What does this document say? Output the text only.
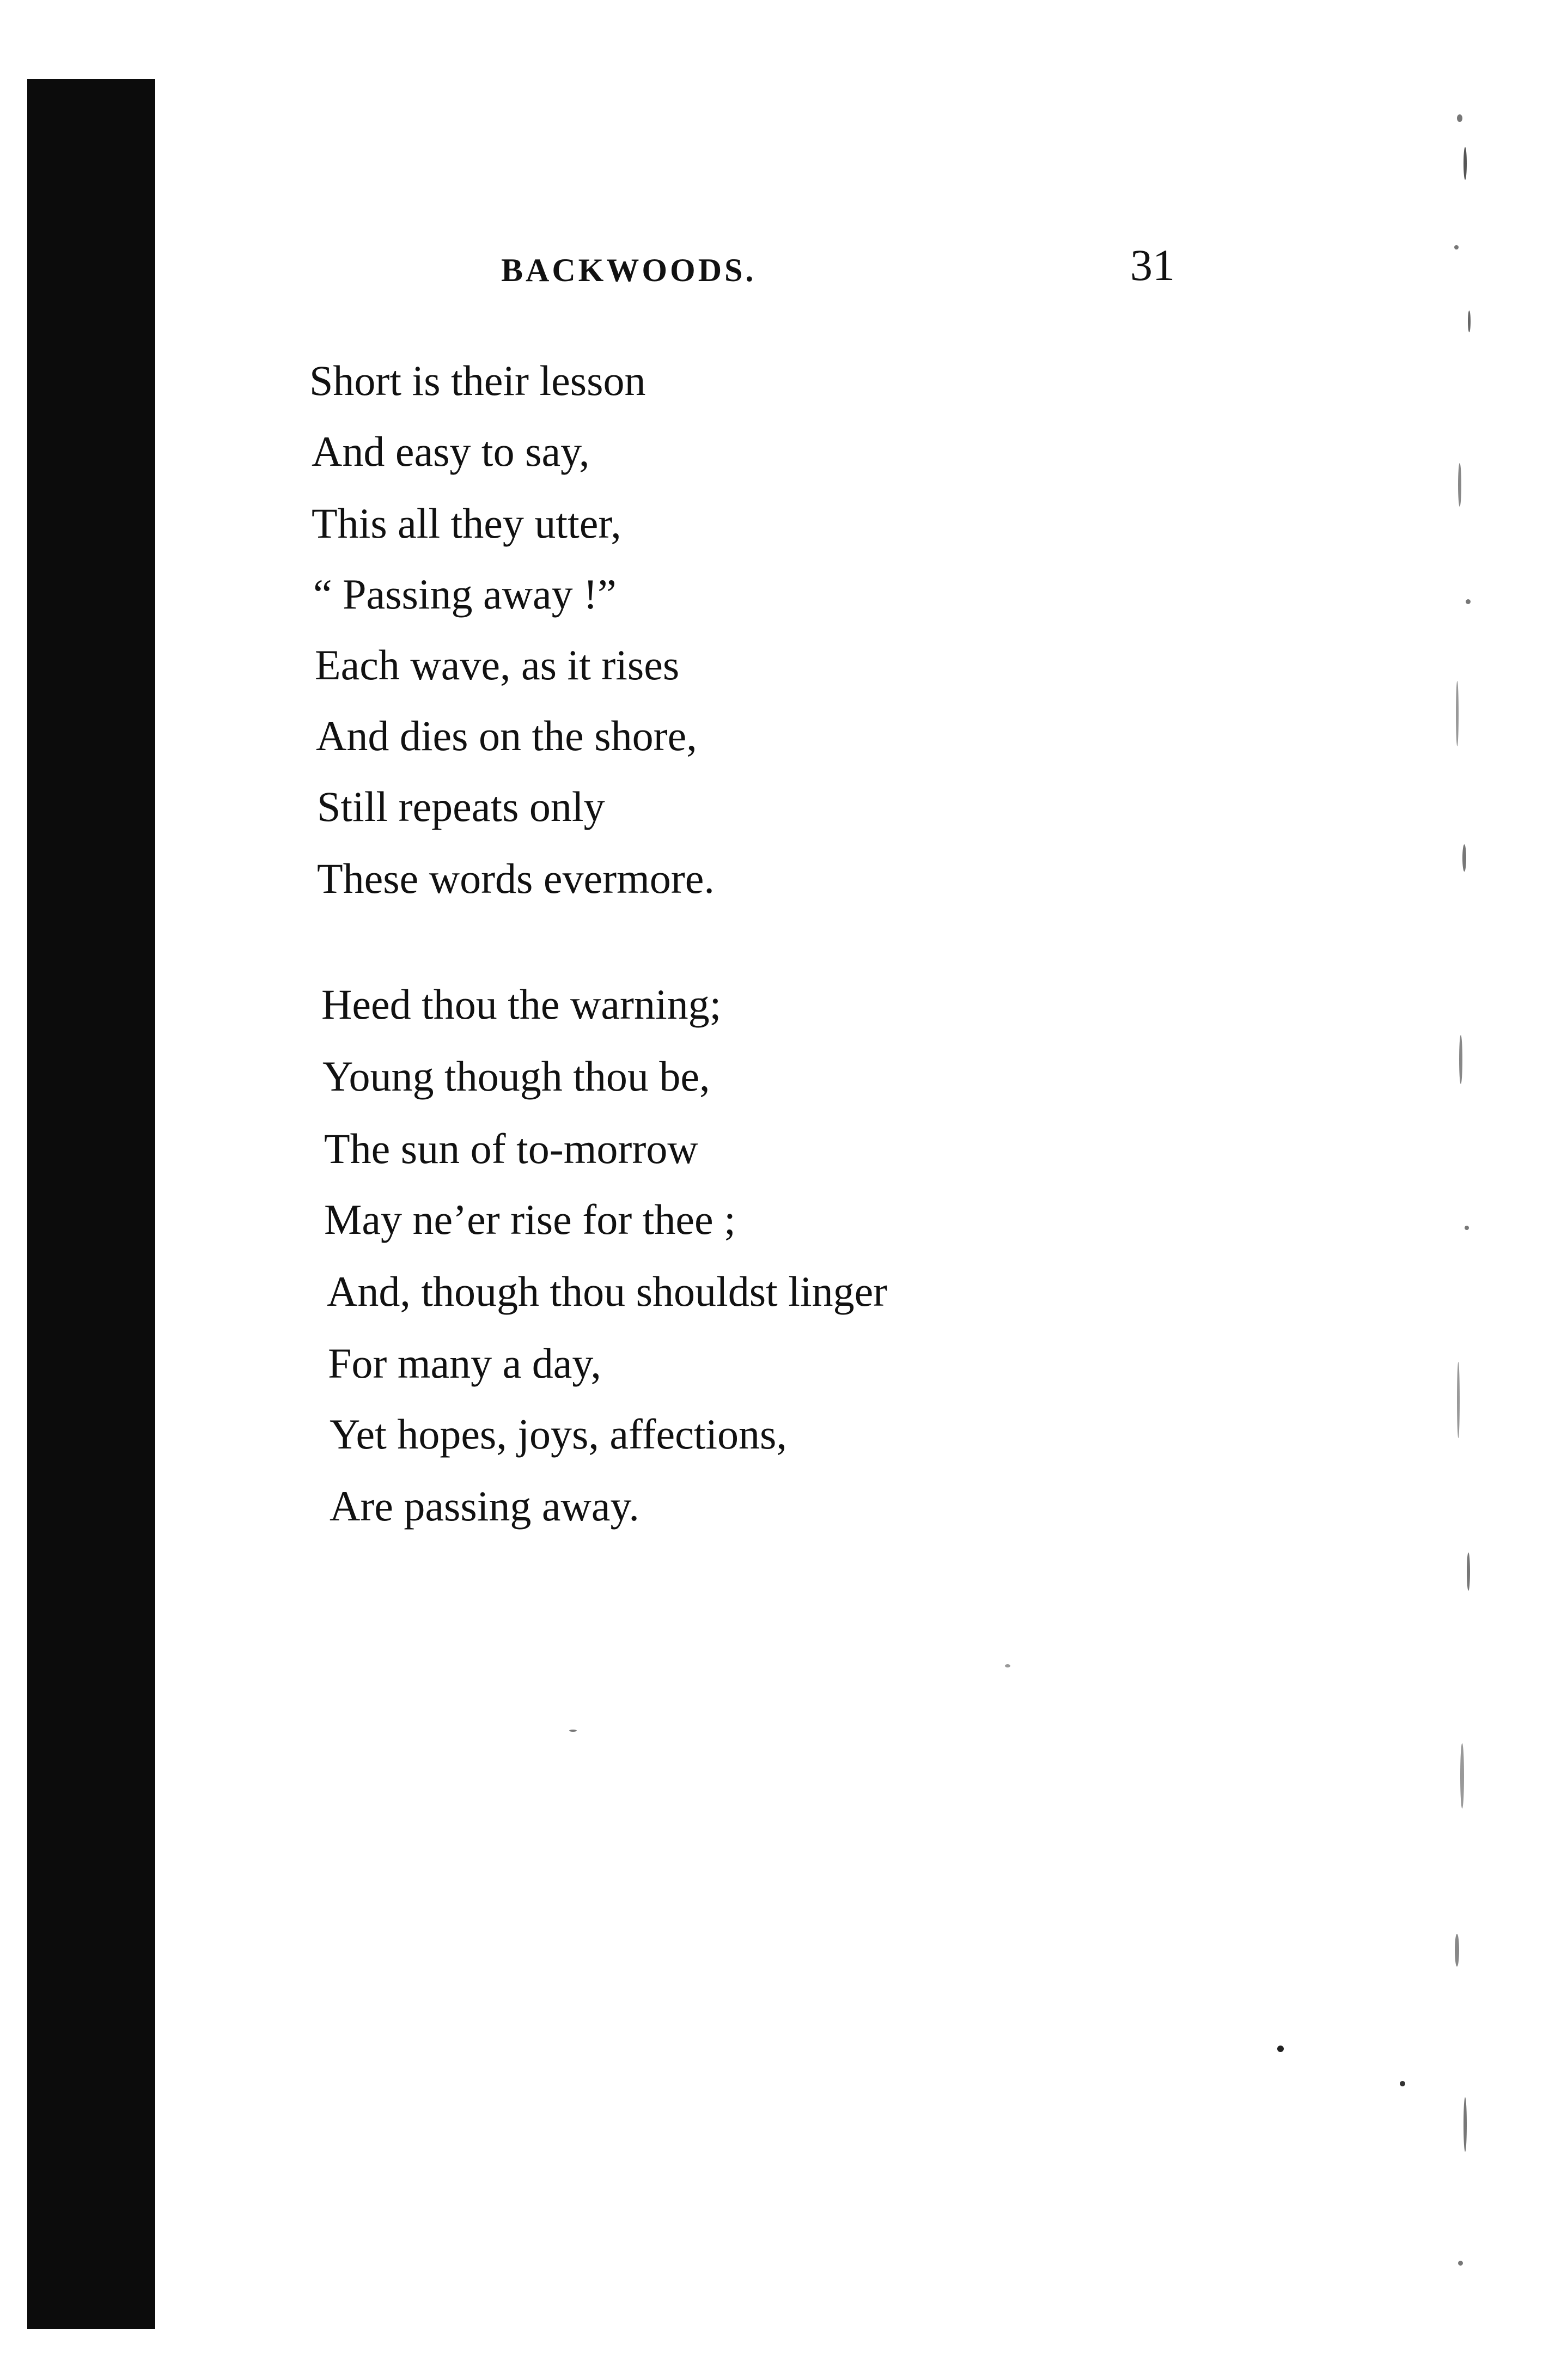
BACKWOODS.	31
Short is their lesson
And easy to say,
This all they utter,
“ Passing away !”
Each wave, as it rises
And dies on the shore,
Still repeats only
These words evermore.
Heed thou the warning;
Young though thou be,
The sun of to-morrow
May ne’er rise for thee ;
And, though thou shouldst linger
For many a day,
Yet hopes, joys, affections,
Are passing away.
